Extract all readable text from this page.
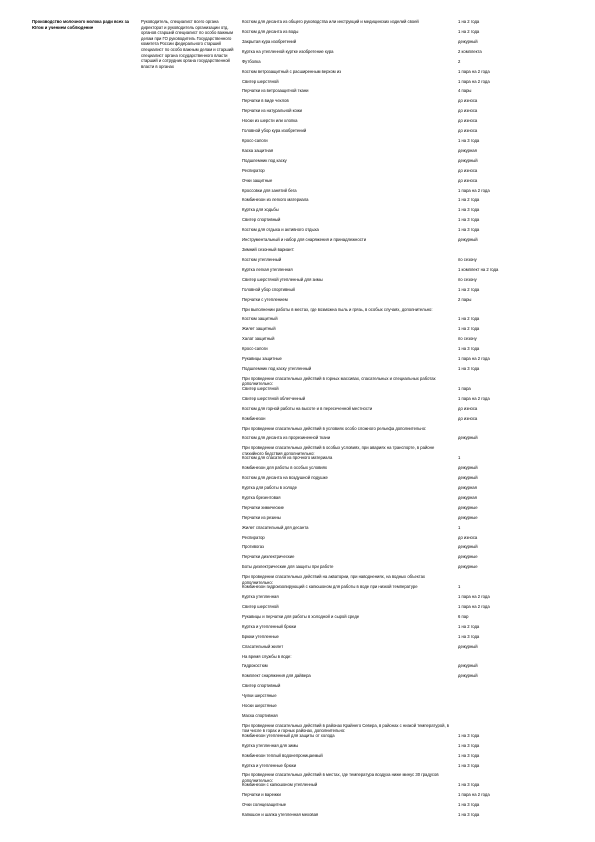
Производство молочного молока ради всех за Югом и учением соблюдение
Руководитель, специалист всего органа директорат и руководитель организации отд. органов старший специалист по особо важным делам при ГО руководитель Государственного комитета России федерального старший специалист по особо важным делам и старший специалист органа государственного власти старший и сотрудник органа государственной власти в органах
Костюм для десанта из общего руководства или инструкций и медицинских изделий своей	1 на 2 года
Костюм для десанта из воды	1 на 2 года
Закрытая кура изобретений	дежурный
Куртка на утепленной куртке изобретение кура	2 комплекта
Футболка	2
Костюм ветрозащитный с расширенным верхом из	1 пара на 2 года
Свитер шерстяной	1 пара на 2 года
Перчатки из ветрозащитной ткани	4 пары
Перчатки в виде чехлов	до износа
Перчатки из натуральной кожи	до износа
Носки из шерсти или хлопка	до износа
Головной убор кура изобретений	до износа
Кросс-сапоги	1 на 3 года
Каска защитная	дежурная
Подшлемник под каску	дежурный
Респиратор	до износа
Очки защитные	до износа
Кроссовки для занятий бега	1 пара на 2 года
Комбинезон из легкого материала	1 на 2 года
Куртка для ходьбы	1 на 3 года
Свитер спортивный	1 на 3 года
Костюм для отдыха и активного отдыха	1 на 3 года
Инструментальный и набор для снаряжения и принадлежности	дежурный
Зимний сезонный вариант:
Костюм утепленный	по сезону
Куртка легкая утепленная	1 комплект на 2 года
Свитер шерстяной утепленный для зимы	по сезону
Головной убор спортивный	1 на 2 года
Перчатки с утеплением	2 пары
При выполнении работы в местах, где возможна пыль и грязь, в особых случаях, дополнительно:
Костюм защитный	1 на 2 года
Жилет защитный	1 на 2 года
Халат защитный	по сезону
Кросс-сапоги	1 на 3 года
Рукавицы защитные	1 пара на 2 года
Подшлемник под каску утепленный	1 на 3 года
При проведении спасательных действий в горных массивах, спасательных и специальных работах дополнительно:
Свитер шерстяной	1 пара
Свитер шерстяной облегченный	1 пара на 2 года
Костюм для горной работы на высоте и в пересеченной местности	до износа
Комбинезон	до износа
При проведении спасательных действий в условиях особо сложного рельефа дополнительно:
Костюм для десанта из прорезиненной ткани	дежурный
При проведении спасательных действий в особых условиях, при авариях на транспорте, в районе стихийного бедствия дополнительно:
Костюм для спасателя из прочного материала	1
Комбинезон для работы в особых условиях	дежурный
Костюм для десанта на воздушной подушке	дежурный
Куртка для работы в холоде	дежурная
Куртка брезентовая	дежурная
Перчатки химические	дежурные
Перчатки из резины	дежурные
Жилет спасательный для десанта	1
Респиратор	до износа
Противогаз	дежурный
Перчатки диэлектрические	дежурные
Боты диэлектрические для защиты при работе	дежурные
При проведении спасательных действий на акватории, при наводнениях, на водных объектах дополнительно:
Комбинезон гидроизолирующий с капюшоном для работы в воде при низкой температуре	1
Куртка утепленная	1 пара на 2 года
Свитер шерстяной	1 пара на 2 года
Рукавицы и перчатки для работы в холодной и сырой среде	6 пар
Куртка и утепленный брюки	1 на 2 года
Брюки утепленные	1 на 3 года
Спасательный жилет	дежурный
На время службы в воде:
Гидрокостюм	дежурный
Комплект снаряжения для дайвера	дежурный
Свитер спортивный
Чулки шерстяные
Носки шерстяные
Маска спортивная
При проведении спасательных действий в районах Крайнего Севера, в районах с низкой температурой, в том числе в горах и горных районах, дополнительно:
Комбинезон утепленный для защиты от холода	1 на 3 года
Куртка утепленная для зимы	1 на 3 года
Комбинезон теплый водонепроницаемый	1 на 3 года
Куртка и утепленные брюки	1 на 3 года
При проведении спасательных действий в местах, где температура воздуха ниже минус 30 градусов дополнительно:
Комбинезон с капюшоном утепленный	1 на 3 года
Перчатки и варежки	1 пара на 2 года
Очки солнцезащитные	1 на 3 года
Капюшон и шапка утепленная меховая	1 на 3 года
